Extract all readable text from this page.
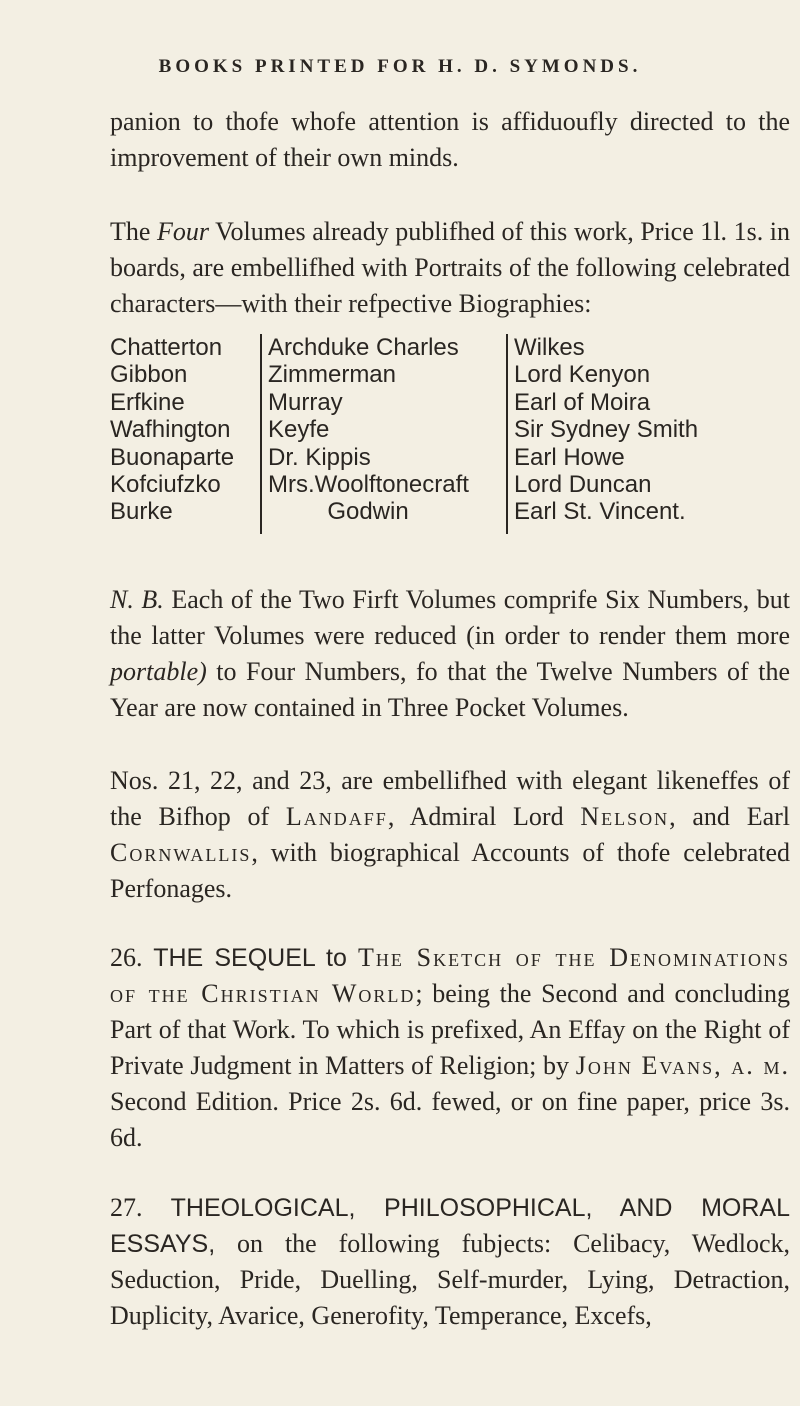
BOOKS PRINTED FOR H. D. SYMONDS.

panion to thofe whofe attention is affiduoufly directed to the improvement of their own minds.

The Four Volumes already publifhed of this work, Price 1l. 1s. in boards, are embellifhed with Portraits of the following celebrated characters—with their refpective Biographies:

Chatterton
Gibbon
Erfkine
Wafhington
Buonaparte
Kofciufzko
Burke
Archduke Charles
Zimmerman
Murray
Keyfe
Dr. Kippis
Mrs.Woolftonecraft
Godwin
Wilkes
Lord Kenyon
Earl of Moira
Sir Sydney Smith
Earl Howe
Lord Duncan
Earl St. Vincent.

N. B. Each of the Two Firft Volumes comprife Six Numbers, but the latter Volumes were reduced (in order to render them more portable) to Four Numbers, fo that the Twelve Numbers of the Year are now contained in Three Pocket Volumes.

Nos. 21, 22, and 23, are embellifhed with elegant likeneffes of the Bifhop of Landaff, Admiral Lord Nelson, and Earl Cornwallis, with biographical Accounts of thofe celebrated Perfonages.

26. THE SEQUEL to The Sketch of the Denominations of the Christian World; being the Second and concluding Part of that Work. To which is prefixed, An Effay on the Right of Private Judgment in Matters of Religion; by John Evans, a. m. Second Edition. Price 2s. 6d. fewed, or on fine paper, price 3s. 6d.

27. THEOLOGICAL, PHILOSOPHICAL, AND MORAL ESSAYS, on the following fubjects: Celibacy, Wedlock, Seduction, Pride, Duelling, Self-murder, Lying, Detraction, Duplicity, Avarice, Generofity, Temperance, Excefs,
